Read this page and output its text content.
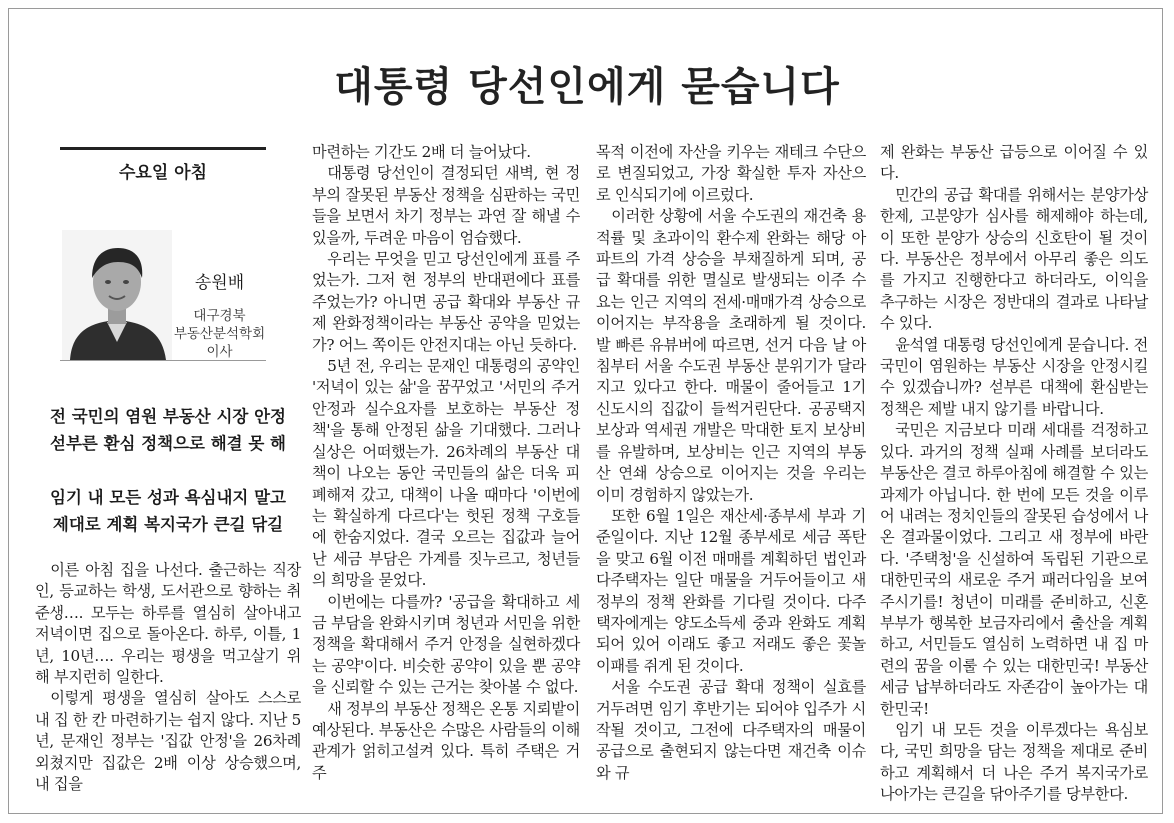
대통령 당선인에게 묻습니다
수요일 아침
송원배
대구경북
부동산분석학회
이사
전 국민의 염원 부동산 시장 안정
섣부른 환심 정책으로 해결 못 해
임기 내 모든 성과 욕심내지 말고
제대로 계획 복지국가 큰길 닦길

이른 아침 집을 나선다. 출근하는 직장인, 등교하는 학생, 도서관으로 향하는 취준생…. 모두는 하루를 열심히 살아내고 저녁이면 집으로 돌아온다. 하루, 이틀, 1년, 10년…. 우리는 평생을 먹고살기 위해 부지런히 일한다.

이렇게 평생을 열심히 살아도 스스로 내 집 한 칸 마련하기는 쉽지 않다. 지난 5년, 문재인 정부는 '집값 안정'을 26차례 외쳤지만 집값은 2배 이상 상승했으며, 내 집을

마련하는 기간도 2배 더 늘어났다.

대통령 당선인이 결정되던 새벽, 현 정부의 잘못된 부동산 정책을 심판하는 국민들을 보면서 차기 정부는 과연 잘 해낼 수 있을까, 두려운 마음이 엄습했다.

우리는 무엇을 믿고 당선인에게 표를 주었는가. 그저 현 정부의 반대편에다 표를 주었는가? 아니면 공급 확대와 부동산 규제 완화정책이라는 부동산 공약을 믿었는가? 어느 쪽이든 안전지대는 아닌 듯하다.

5년 전, 우리는 문재인 대통령의 공약인 '저녁이 있는 삶'을 꿈꾸었고 '서민의 주거 안정과 실수요자를 보호하는 부동산 정책'을 통해 안정된 삶을 기대했다. 그러나 실상은 어떠했는가. 26차례의 부동산 대책이 나오는 동안 국민들의 삶은 더욱 피폐해져 갔고, 대책이 나올 때마다 '이번에는 확실하게 다르다'는 헛된 정책 구호들에 한숨지었다. 결국 오르는 집값과 늘어난 세금 부담은 가계를 짓누르고, 청년들의 희망을 묻었다.

이번에는 다를까? '공급을 확대하고 세금 부담을 완화시키며 청년과 서민을 위한 정책을 확대해서 주거 안정을 실현하겠다는 공약'이다. 비슷한 공약이 있을 뿐 공약을 신뢰할 수 있는 근거는 찾아볼 수 없다.

새 정부의 부동산 정책은 온통 지뢰밭이 예상된다. 부동산은 수많은 사람들의 이해관계가 얽히고설켜 있다. 특히 주택은 거주

목적 이전에 자산을 키우는 재테크 수단으로 변질되었고, 가장 확실한 투자 자산으로 인식되기에 이르렀다.

이러한 상황에 서울 수도권의 재건축 용적률 및 초과이익 환수제 완화는 해당 아파트의 가격 상승을 부채질하게 되며, 공급 확대를 위한 멸실로 발생되는 이주 수요는 인근 지역의 전세·매매가격 상승으로 이어지는 부작용을 초래하게 될 것이다. 발 빠른 유뷰버에 따르면, 선거 다음 날 아침부터 서울 수도권 부동산 분위기가 달라지고 있다고 한다. 매물이 줄어들고 1기 신도시의 집값이 들썩거린단다. 공공택지 보상과 역세권 개발은 막대한 토지 보상비를 유발하며, 보상비는 인근 지역의 부동산 연쇄 상승으로 이어지는 것을 우리는 이미 경험하지 않았는가.

또한 6월 1일은 재산세·종부세 부과 기준일이다. 지난 12월 종부세로 세금 폭탄을 맞고 6월 이전 매매를 계획하던 법인과 다주택자는 일단 매물을 거두어들이고 새 정부의 정책 완화를 기다릴 것이다. 다주택자에게는 양도소득세 중과 완화도 계획되어 있어 이래도 좋고 저래도 좋은 꽃놀이패를 쥐게 된 것이다.

서울 수도권 공급 확대 정책이 실효를 거두려면 임기 후반기는 되어야 입주가 시작될 것이고, 그전에 다주택자의 매물이 공급으로 출현되지 않는다면 재건축 이슈와 규

제 완화는 부동산 급등으로 이어질 수 있다.

민간의 공급 확대를 위해서는 분양가상한제, 고분양가 심사를 해제해야 하는데, 이 또한 분양가 상승의 신호탄이 될 것이다. 부동산은 정부에서 아무리 좋은 의도를 가지고 진행한다고 하더라도, 이익을 추구하는 시장은 정반대의 결과로 나타날 수 있다.

윤석열 대통령 당선인에게 묻습니다. 전 국민이 염원하는 부동산 시장을 안정시킬 수 있겠습니까? 섣부른 대책에 환심받는 정책은 제발 내지 않기를 바랍니다.

국민은 지금보다 미래 세대를 걱정하고 있다. 과거의 정책 실패 사례를 보더라도 부동산은 결코 하루아침에 해결할 수 있는 과제가 아닙니다. 한 번에 모든 것을 이루어 내려는 정치인들의 잘못된 습성에서 나온 결과물이었다. 그리고 새 정부에 바란다. '주택청'을 신설하여 독립된 기관으로 대한민국의 새로운 주거 패러다임을 보여주시기를! 청년이 미래를 준비하고, 신혼부부가 행복한 보금자리에서 출산을 계획하고, 서민들도 열심히 노력하면 내 집 마련의 꿈을 이룰 수 있는 대한민국! 부동산 세금 납부하더라도 자존감이 높아가는 대한민국!

임기 내 모든 것을 이루겠다는 욕심보다, 국민 희망을 담는 정책을 제대로 준비하고 계획해서 더 나은 주거 복지국가로 나아가는 큰길을 닦아주기를 당부한다.
